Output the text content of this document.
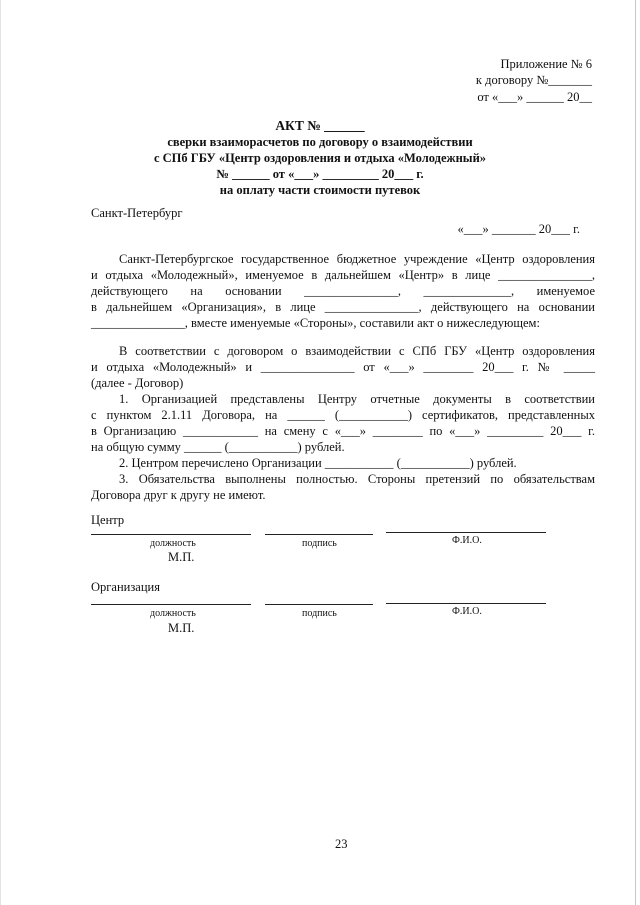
Приложение № 6
к договору №_______
от «___» ______ 20__
АКТ № ______
сверки взаиморасчетов по договору о взаимодействии
с СПб ГБУ «Центр оздоровления и отдыха «Молодежный»
№ ______ от «___» _________ 20___ г.
на оплату части стоимости путевок
Санкт-Петербург
«___» _______ 20___ г.
Санкт-Петербургское государственное бюджетное учреждение «Центр оздоровления
и отдыха «Молодежный», именуемое в дальнейшем «Центр» в лице _______________,
действующего на основании _______________, ______________, именуемое
в дальнейшем «Организация», в лице _______________, действующего на основании
_______________, вместе именуемые «Стороны», составили акт о нижеследующем:
В соответствии с договором о взаимодействии с СПб ГБУ «Центр оздоровления
и отдыха «Молодежный» и _______________ от «___» ________ 20___ г. № _____
(далее - Договор)
1. Организацией представлены Центру отчетные документы в соответствии
с пунктом 2.1.11 Договора, на ______ (___________) сертификатов, представленных
в Организацию ____________ на смену с «___» ________ по «___» _________ 20___ г.
на общую сумму ______ (___________) рублей.
2. Центром перечислено Организации ___________ (___________) рублей.
3. Обязательства выполнены полностью. Стороны претензий по обязательствам
Договора друг к другу не имеют.
Центр
должность	подпись	Ф.И.О.
М.П.
Организация
должность	подпись	Ф.И.О.
М.П.
23
